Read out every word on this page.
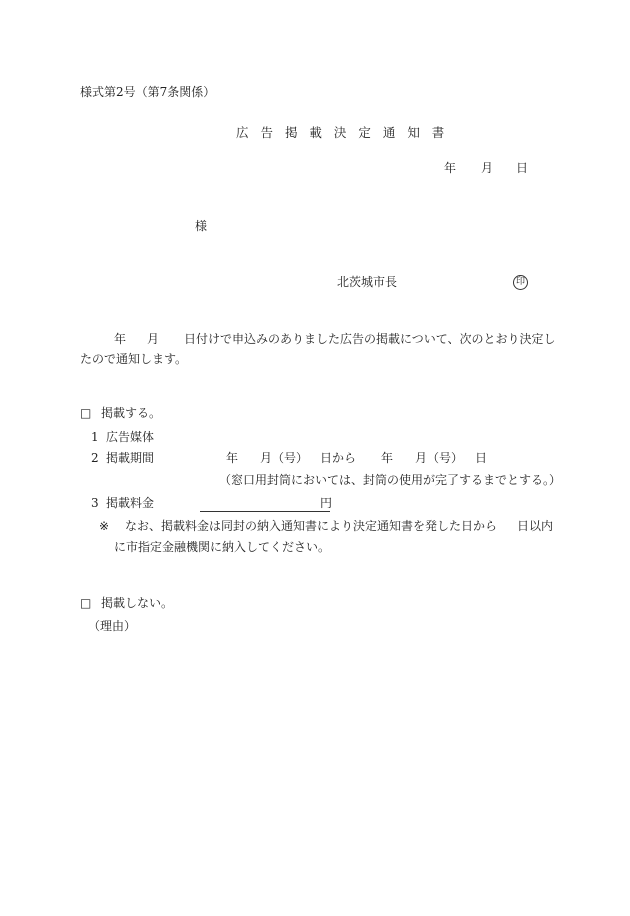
様式第2号（第7条関係）
広 告 掲 載 決 定 通 知 書
年 月 日
様
北茨城市長	印
年 月 日付けで申込みのありました広告の掲載について、次のとおり決定し
たので通知します。
□ 掲載する。
1 広告媒体
2 掲載期間	年 月（号） 日から 年 月（号） 日
（窓口用封筒においては、封筒の使用が完了するまでとする。）
3 掲載料金	円
※ なお、掲載料金は同封の納入通知書により決定通知書を発した日から 日以内
に市指定金融機関に納入してください。
□ 掲載しない。
（理由）
